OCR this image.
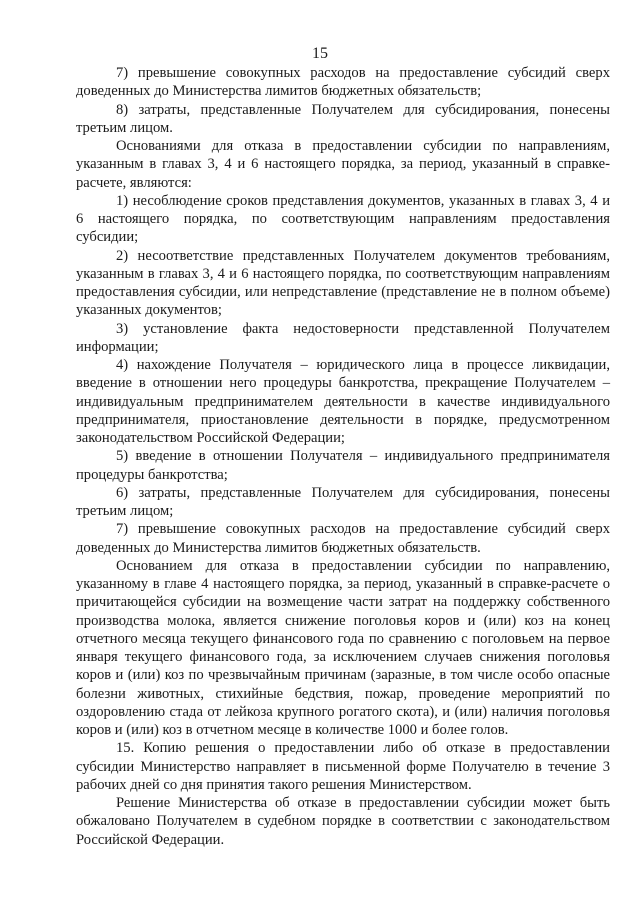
15

7) превышение совокупных расходов на предоставление субсидий сверх доведенных до Министерства лимитов бюджетных обязательств;

8) затраты, представленные Получателем для субсидирования, понесены третьим лицом.

Основаниями для отказа в предоставлении субсидии по направлениям, указанным в главах 3, 4 и 6 настоящего порядка, за период, указанный в справке-расчете, являются:

1) несоблюдение сроков представления документов, указанных в главах 3, 4 и 6 настоящего порядка, по соответствующим направлениям предоставления субсидии;

2) несоответствие представленных Получателем документов требованиям, указанным в главах 3, 4 и 6 настоящего порядка, по соответствующим направлениям предоставления субсидии, или непредставление (представление не в полном объеме) указанных документов;

3) установление факта недостоверности представленной Получателем информации;

4) нахождение Получателя – юридического лица в процессе ликвидации, введение в отношении него процедуры банкротства, прекращение Получателем – индивидуальным предпринимателем деятельности в качестве индивидуального предпринимателя, приостановление деятельности в порядке, предусмотренном законодательством Российской Федерации;

5) введение в отношении Получателя – индивидуального предпринимателя процедуры банкротства;

6) затраты, представленные Получателем для субсидирования, понесены третьим лицом;

7) превышение совокупных расходов на предоставление субсидий сверх доведенных до Министерства лимитов бюджетных обязательств.

Основанием для отказа в предоставлении субсидии по направлению, указанному в главе 4 настоящего порядка, за период, указанный в справке-расчете о причитающейся субсидии на возмещение части затрат на поддержку собственного производства молока, является снижение поголовья коров и (или) коз на конец отчетного месяца текущего финансового года по сравнению с поголовьем на первое января текущего финансового года, за исключением случаев снижения поголовья коров и (или) коз по чрезвычайным причинам (заразные, в том числе особо опасные болезни животных, стихийные бедствия, пожар, проведение мероприятий по оздоровлению стада от лейкоза крупного рогатого скота), и (или) наличия поголовья коров и (или) коз в отчетном месяце в количестве 1000 и более голов.

15. Копию решения о предоставлении либо об отказе в предоставлении субсидии Министерство направляет в письменной форме Получателю в течение 3 рабочих дней со дня принятия такого решения Министерством.

Решение Министерства об отказе в предоставлении субсидии может быть обжаловано Получателем в судебном порядке в соответствии с законодательством Российской Федерации.
